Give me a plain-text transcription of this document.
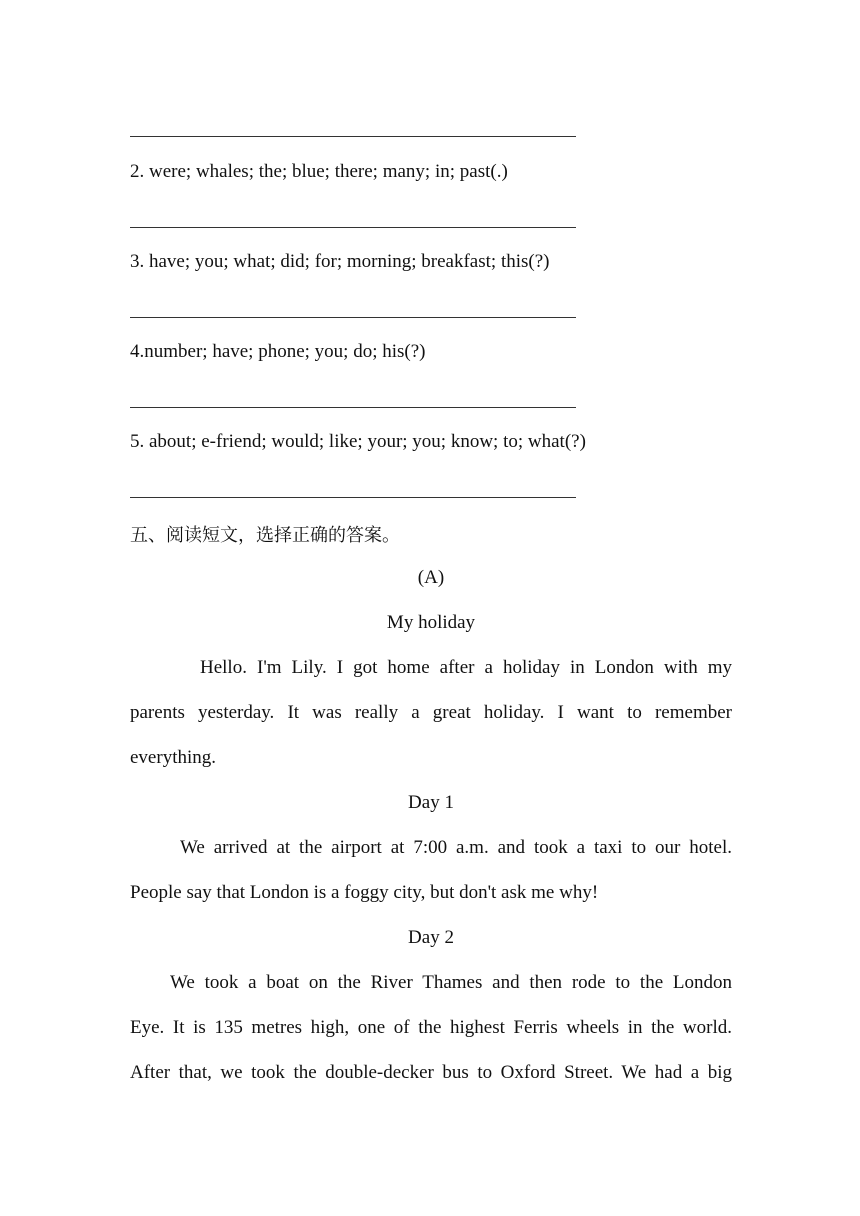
2. were; whales; the; blue; there; many; in; past(.)
3. have; you; what; did; for; morning; breakfast; this(?)
4.number; have; phone; you; do; his(?)
5. about; e-friend; would; like; your; you; know; to; what(?)
五、阅读短文，选择正确的答案。
(A)
My holiday
Hello. I'm Lily. I got home after a holiday in London with my
parents yesterday. It was really a great holiday. I want to remember
everything.
Day 1
We arrived at the airport at 7:00 a.m. and took a taxi to our hotel.
People say that London is a foggy city, but don't ask me why!
Day 2
We took a boat on the River Thames and then rode to the London
Eye. It is 135 metres high, one of the highest Ferris wheels in the world.
After that, we took the double-decker bus to Oxford Street. We had a big
